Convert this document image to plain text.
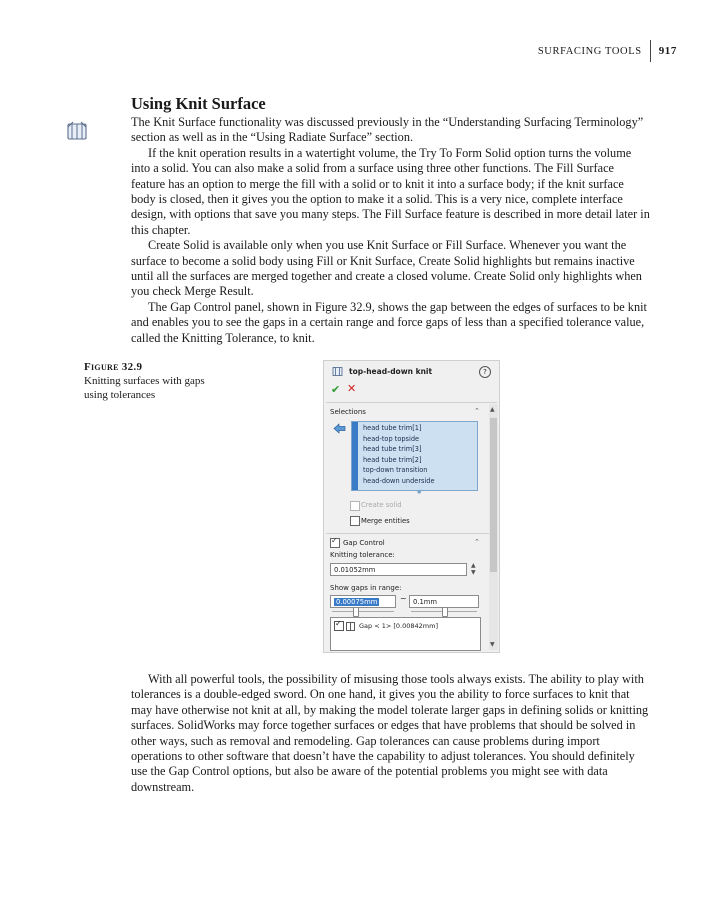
SURFACING TOOLS	917
Using Knit Surface

The Knit Surface functionality was discussed previously in the “Understanding Surfacing Terminology” section as well as in the “Using Radiate Surface” section.

If the knit operation results in a watertight volume, the Try To Form Solid option turns the volume into a solid. You can also make a solid from a surface using three other functions. The Fill Surface feature has an option to merge the fill with a solid or to knit it into a surface body; if the knit surface body is closed, then it gives you the option to make it a solid. This is a very nice, complete interface design, with options that save you many steps. The Fill Surface feature is described in more detail later in this chapter.

Create Solid is available only when you use Knit Surface or Fill Surface. Whenever you want the surface to become a solid body using Fill or Knit Surface, Create Solid highlights but remains inactive until all the surfaces are merged together and create a closed volume. Create Solid only highlights when you check Merge Result.

The Gap Control panel, shown in Figure 32.9, shows the gap between the edges of surfaces to be knit and enables you to see the gaps in a certain range and force gaps of less than a specified tolerance value, called the Knitting Tolerance, to knit.

Figure 32.9
Knitting surfaces with gaps using tolerances
top-head-down knit	?
✔ ✕
Selections	⌃
head tube trim[1]
head-top topside
head tube trim[3]
head tube trim[2]
top-down transition
head-down underside
●
Create solid
Merge entities
✓
Gap Control	⌃
Knitting tolerance:
0.01052mm
▲
▼
Show gaps in range:
0.00075mm	~ 0.1mm
✓
Gap < 1> [0.00842mm]
▲
▼

With all powerful tools, the possibility of misusing those tools always exists. The ability to play with tolerances is a double-edged sword. On one hand, it gives you the ability to force surfaces to knit that may have otherwise not knit at all, by making the model tolerate larger gaps in defining solids or knitting surfaces. SolidWorks may force together surfaces or edges that have problems that should be solved in other ways, such as removal and remodeling. Gap tolerances can cause problems during import operations to other software that doesn’t have the capability to adjust tolerances. You should definitely use the Gap Control options, but also be aware of the potential problems you might see with data downstream.
